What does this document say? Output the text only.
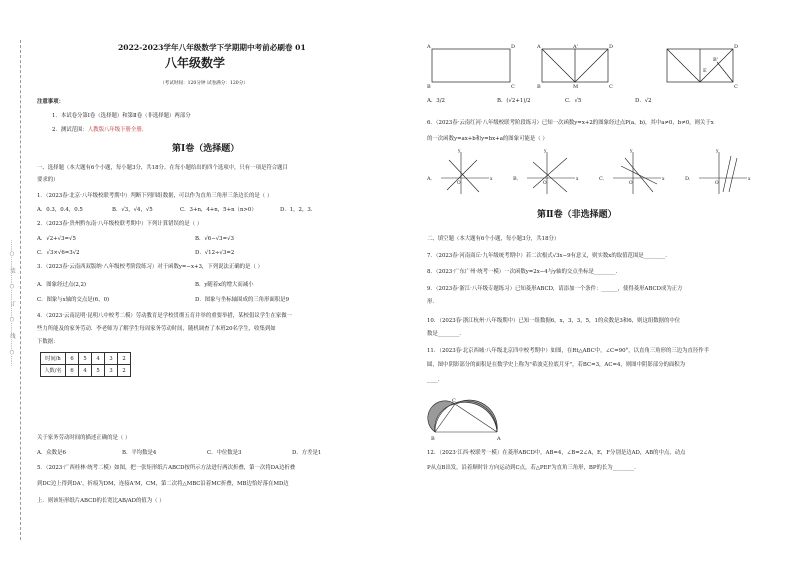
……○……装……○……订……○……线……○……
2022-2023学年八年级数学下学期期中考前必刷卷 01
八年级数学
（考试时间：120分钟 试卷满分：120分）
注意事项：
1．本试卷分第Ⅰ卷（选择题）和第Ⅱ卷（非选择题）两部分
2．测试范围：人教版八年级下册全册.
第Ⅰ卷（选择题）
一、选择题（本大题有6个小题，每小题3分，共18分。在每小题给出的四个选项中，只有一项是符合题目
要求的）
1．（2023春·北京·八年级校联考期中）判断下列四组数据，可以作为直角三角形三条边长的是（ ）
A．0.3，0.4，0.5	B．√3，√4，√5	C．3+n，4+n，5+n（n>0）	D．1，2，3.
2．（2023春·贵州黔东南·八年级校联考期中）下列计算错误的是（ ）
A．√2+√3=√5	B．√6−√3=√3
C．√3×√6=3√2	D．√12÷√3=2
3．（2023春·云南西双版纳·八年级校考阶段练习）对于函数y=−x+3，下列说法正确的是（ ）
A．图象经过点(2,2)	B．y随着x的增大而减小
C．图象与x轴的交点是(6，0)	D．图象与坐标轴围成的三角形面积是9
4．（2023·云南昆明·昆明八中校考二模）劳动教育是学校贯彻五育并举的重要举措，某校倡议学生在家做一
些力所能及的家务劳动．李老师为了解学生每周家务劳动时间，随机调查了本班20名学生，收集到如
下数据：
时间/h	6	5	4	3	2
人数/名	6	4	5	3	2
关于家务劳动时间的描述正确的是（ ）
A．众数是6	B．平均数是4	C．中位数是3	D．方差是1
5．（2023·广西桂林·统考二模）如图，把一张矩形纸片ABCD按所示方法进行两次折叠，第一次将DA边折叠
到DC边上得到DA'，折痕为DM，连接A'M，CM，第二次将△MBC沿着MC折叠，MB边恰好落在MD边
上．则该矩形纸片ABCD的长宽比AB/AD的值为（ ）
A	D	A	A'	D
B	C	B	M	C
D
C
B'
E
A．3/2	B．(√2+1)/2	C．√5	D．√2
6．（2023春·云南红河·八年级校联考阶段练习）已知一次函数y=x+2的图象经过点P(a，b)，其中a≠0，b≠0，则关于x
的一次函数y=ax+b和y=bx+a的图象可能是（ ）
A．	B．	C．	D．
x
y
O
x
y
O
x
y
O
x
y
O
第Ⅱ卷（非选择题）
二、填空题（本大题有6个小题，每小题3分，共18分）
7．（2023春·河南商丘·九年级统考期中）若二次根式√3x−9有意义，则实数x的取值范围是________．
8．（2023·广东广州·统考一模）一次函数y=2x−4与y轴的交点坐标是________．
9．（2023春·浙江·八年级专题练习）已知菱形ABCD，请添加一个条件：______，使得菱形ABCD成为正方
形．
10．（2023春·浙江杭州·八年级期中）已知一组数据6，x，3，3，5，1的众数是3和6，则这组数据的中位
数是________．
11．（2023春·北京西城·八年级北京四中校考期中）如图，在Rt△ABC中，∠C=90°，以直角三角形的三边为直径作半
圆，图中阴影部分的面积是在数学史上称为"希波克拉底月牙"，若BC=3，AC=4，则图中阴影部分的面积为
____.
C
B	A
12．（2023·江西·校联考一模）在菱形ABCD中，AB=4，∠B=2∠A，E，F分别是边AD，AB的中点，动点
P从点B出发，沿着顺时针方向运动到C点，若△PEF为直角三角形，BP的长为________．
